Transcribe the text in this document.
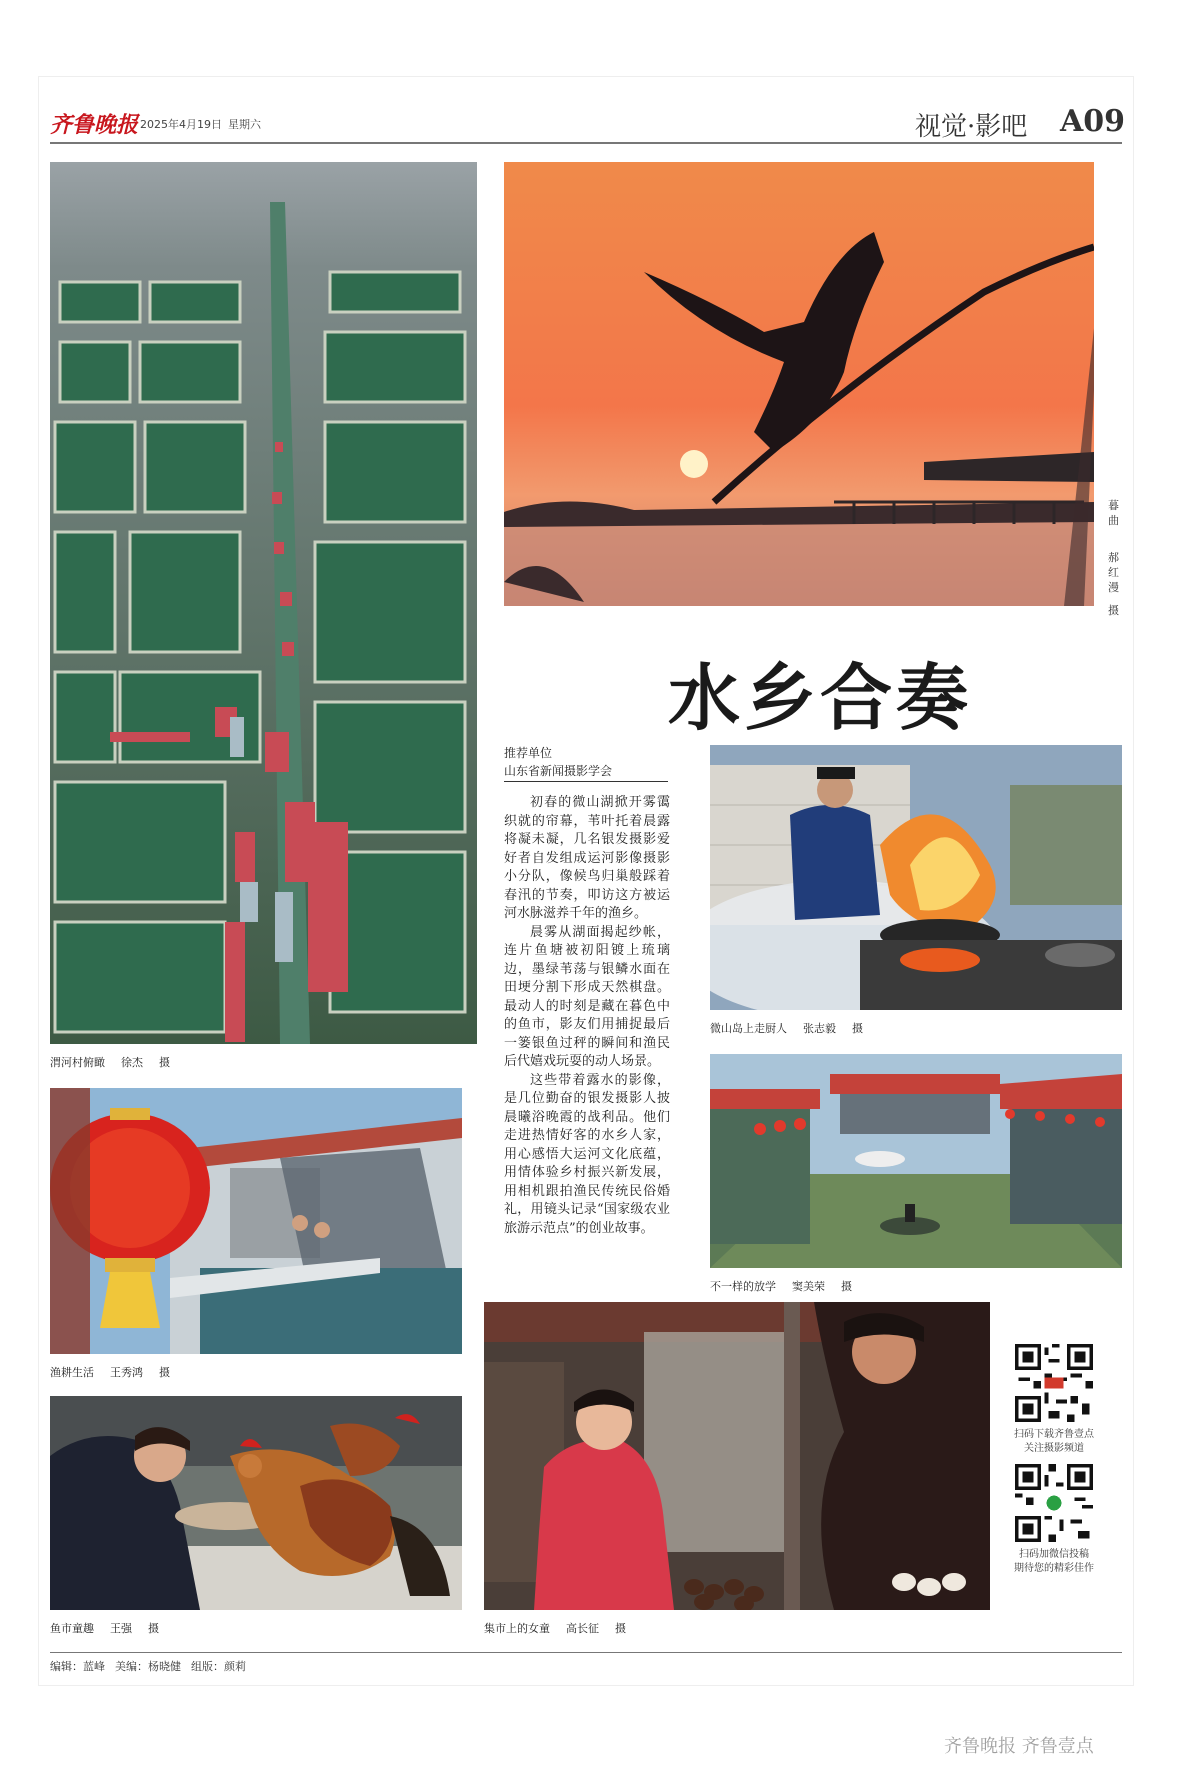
齐鲁晚报 2025年4月19日 星期六	视觉·影吧 A09
渭河村俯瞰 徐杰 摄
暮曲
郝红漫
摄
水乡合奏
推荐单位
山东省新闻摄影学会

初春的微山湖掀开雾霭织就的帘幕，苇叶托着晨露将凝未凝，几名银发摄影爱好者自发组成运河影像摄影小分队，像候鸟归巢般踩着春汛的节奏，叩访这方被运河水脉滋养千年的渔乡。

晨雾从湖面揭起纱帐，连片鱼塘被初阳镀上琉璃边，墨绿苇荡与银鳞水面在田埂分割下形成天然棋盘。最动人的时刻是藏在暮色中的鱼市，影友们用捕捉最后一篓银鱼过秤的瞬间和渔民后代嬉戏玩耍的动人场景。

这些带着露水的影像，是几位勤奋的银发摄影人披晨曦浴晚霞的战利品。他们走进热情好客的水乡人家，用心感悟大运河文化底蕴，用情体验乡村振兴新发展，用相机跟拍渔民传统民俗婚礼，用镜头记录“国家级农业旅游示范点”的创业故事。

微山岛上走厨人 张志毅 摄
不一样的放学 窦美荣 摄
渔耕生活 王秀鸿 摄
鱼市童趣 王强 摄	集市上的女童 高长征 摄
扫码下载齐鲁壹点
关注摄影频道
扫码加微信投稿
期待您的精彩佳作
编辑：蓝峰 美编：杨晓健 组版：颜莉
齐鲁晚报 齐鲁壹点
